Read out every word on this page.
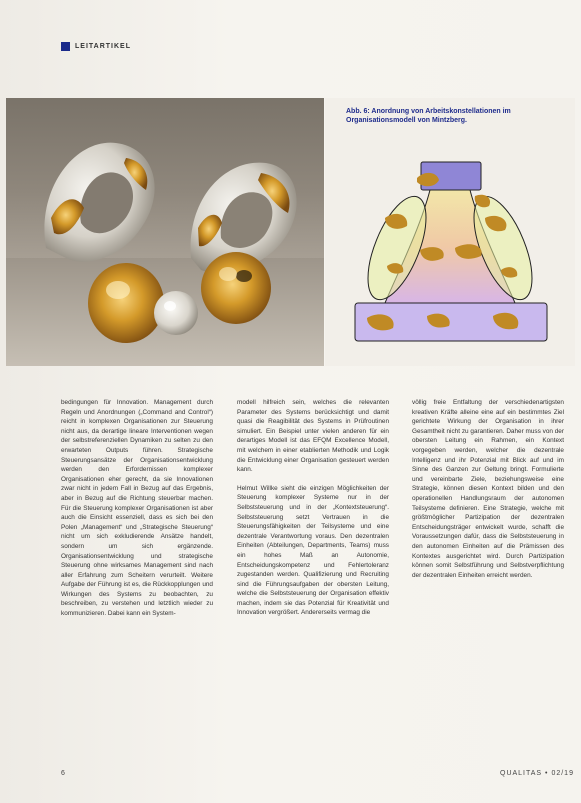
LEITARTIKEL
Abb. 6: Anordnung von Arbeitskonstellationen im Organisationsmodell von Mintzberg.

bedingungen für Innovation. Management durch Regeln und Anordnungen („Command and Control“) reicht in komplexen Organisationen zur Steuerung nicht aus, da derartige lineare Interventionen wegen der selbstreferenziellen Dynamiken zu selten zu den erwarteten Outputs führen. Strategische Steuerungsansätze der Organisationsentwicklung werden den Erfordernissen komplexer Organisationen eher gerecht, da sie Innovationen zwar nicht in jedem Fall in Bezug auf das Ergebnis, aber in Bezug auf die Richtung steuerbar machen. Für die Steuerung komplexer Organisationen ist aber auch die Einsicht essenziell, dass es sich bei den Polen „Management“ und „Strategische Steuerung“ nicht um sich exkludierende Ansätze handelt, sondern um sich ergänzende. Organisationsentwicklung und strategische Steuerung ohne wirksames Management sind nach aller Erfahrung zum Scheitern verurteilt. Weitere Aufgabe der Führung ist es, die Rückkopplungen und Wirkungen des Systems zu beobachten, zu beschreiben, zu verstehen und letztlich wieder zu kommunizieren. Dabei kann ein System-

modell hilfreich sein, welches die relevanten Parameter des Systems berücksichtigt und damit quasi die Reagibilität des Systems in Prüfroutinen simuliert. Ein Beispiel unter vielen anderen für ein derartiges Modell ist das EFQM Excellence Modell, mit welchem in einer etablierten Methodik und Logik die Entwicklung einer Organisation gesteuert werden kann.

Helmut Willke sieht die einzigen Möglichkeiten der Steuerung komplexer Systeme nur in der Selbststeuerung und in der „Kontextsteuerung“. Selbststeuerung setzt Vertrauen in die Steuerungsfähigkeiten der Teilsysteme und eine dezentrale Verantwortung voraus. Den dezentralen Einheiten (Abteilungen, Departments, Teams) muss ein hohes Maß an Autonomie, Entscheidungskompetenz und Fehlertoleranz zugestanden werden. Qualifizierung und Recruiting sind die Führungsaufgaben der obersten Leitung, welche die Selbststeuerung der Organisation effektiv machen, indem sie das Potenzial für Kreativität und Innovation vergrößert. Andererseits vermag die

völlig freie Entfaltung der verschiedenartigsten kreativen Kräfte alleine eine auf ein bestimmtes Ziel gerichtete Wirkung der Organisation in ihrer Gesamtheit nicht zu garantieren. Daher muss von der obersten Leitung ein Rahmen, ein Kontext vorgegeben werden, welcher die dezentrale Intelligenz und ihr Potenzial mit Blick auf und im Sinne des Ganzen zur Geltung bringt. Formulierte und vereinbarte Ziele, beziehungsweise eine Strategie, können diesen Kontext bilden und den operationellen Handlungsraum der autonomen Teilsysteme definieren. Eine Strategie, welche mit größtmöglicher Partizipation der dezentralen Entscheidungsträger entwickelt wurde, schafft die Voraussetzungen dafür, dass die Selbststeuerung in den autonomen Einheiten auf die Prämissen des Kontextes ausgerichtet wird. Durch Partizipation können somit Selbstführung und Selbstverpflichtung der dezentralen Einheiten erreicht werden.

6	QUALITAS • 02/19
